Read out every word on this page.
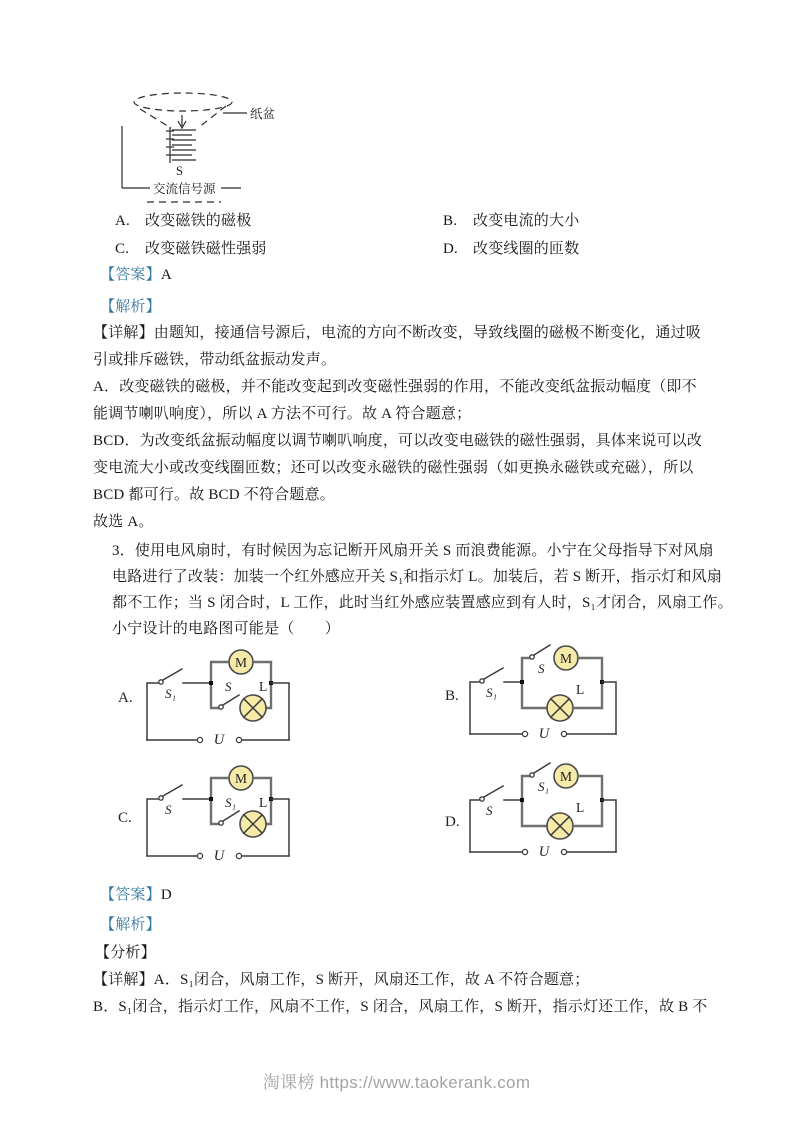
纸盆
S
交流信号源
A. 改变磁铁的磁极	B. 改变电流的大小
C. 改变磁铁磁性强弱	D. 改变线圈的匝数
【答案】A
【解析】
【详解】由题知，接通信号源后，电流的方向不断改变，导致线圈的磁极不断变化，通过吸
引或排斥磁铁，带动纸盆振动发声。
A．改变磁铁的磁极，并不能改变起到改变磁性强弱的作用，不能改变纸盆振动幅度（即不
能调节喇叭响度），所以 A 方法不可行。故 A 符合题意；
BCD．为改变纸盆振动幅度以调节喇叭响度，可以改变电磁铁的磁性强弱，具体来说可以改
变电流大小或改变线圈匝数；还可以改变永磁铁的磁性强弱（如更换永磁铁或充磁），所以
BCD 都可行。故 BCD 不符合题意。
故选 A。
3．使用电风扇时，有时候因为忘记断开风扇开关 S 而浪费能源。小宁在父母指导下对风扇
电路进行了改装：加装一个红外感应开关 S₁和指示灯 L。加装后，若 S 断开，指示灯和风扇
都不工作；当 S 闭合时，L 工作，此时当红外感应装置感应到有人时，S₁才闭合，风扇工作。
小宁设计的电路图可能是（　　）
A. S₁
M
S L
U
B. S₁
S
M
L
U
C.
S
M
S₁ L
U
D.
S
S₁
M
L
U
【答案】D
【解析】
【分析】
【详解】A．S₁闭合，风扇工作，S 断开，风扇还工作，故 A 不符合题意；
B．S₁闭合，指示灯工作，风扇不工作，S 闭合，风扇工作，S 断开，指示灯还工作，故 B 不
淘课榜 https://www.taokerank.com
